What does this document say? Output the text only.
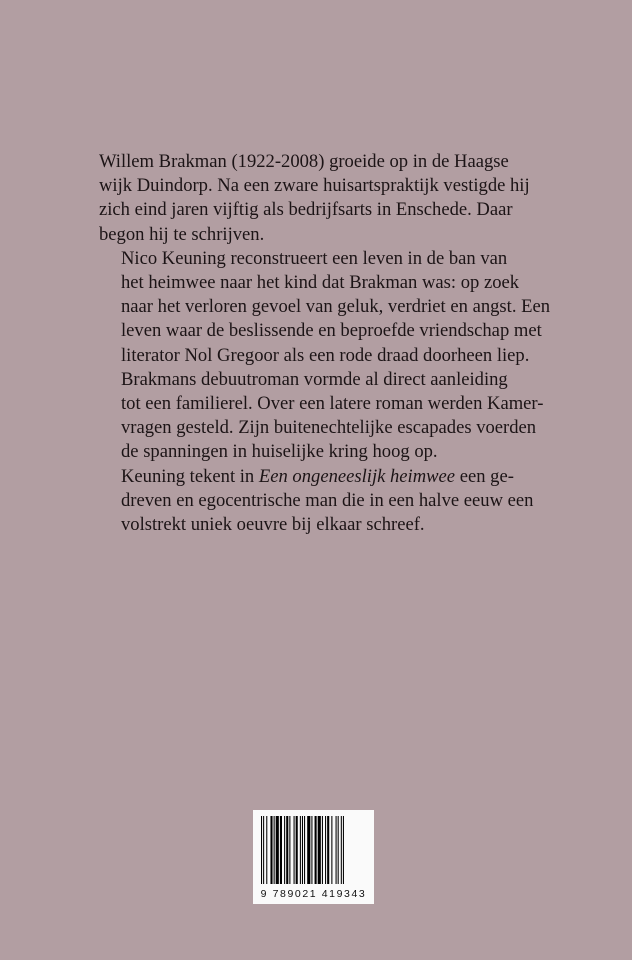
Willem Brakman (1922-2008) groeide op in de Haagse
wijk Duindorp. Na een zware huisartspraktijk vestigde hij
zich eind jaren vijftig als bedrijfsarts in Enschede. Daar
begon hij te schrijven.

Nico Keuning reconstrueert een leven in de ban van
het heimwee naar het kind dat Brakman was: op zoek
naar het verloren gevoel van geluk, verdriet en angst. Een
leven waar de beslissende en beproefde vriendschap met
literator Nol Gregoor als een rode draad doorheen liep.
Brakmans debuutroman vormde al direct aanleiding
tot een familierel. Over een latere roman werden Kamer-
vragen gesteld. Zijn buitenechtelijke escapades voerden
de spanningen in huiselijke kring hoog op.

Keuning tekent in Een ongeneeslijk heimwee een ge-
dreven en egocentrische man die in een halve eeuw een
volstrekt uniek oeuvre bij elkaar schreef.

9 789021 419343
